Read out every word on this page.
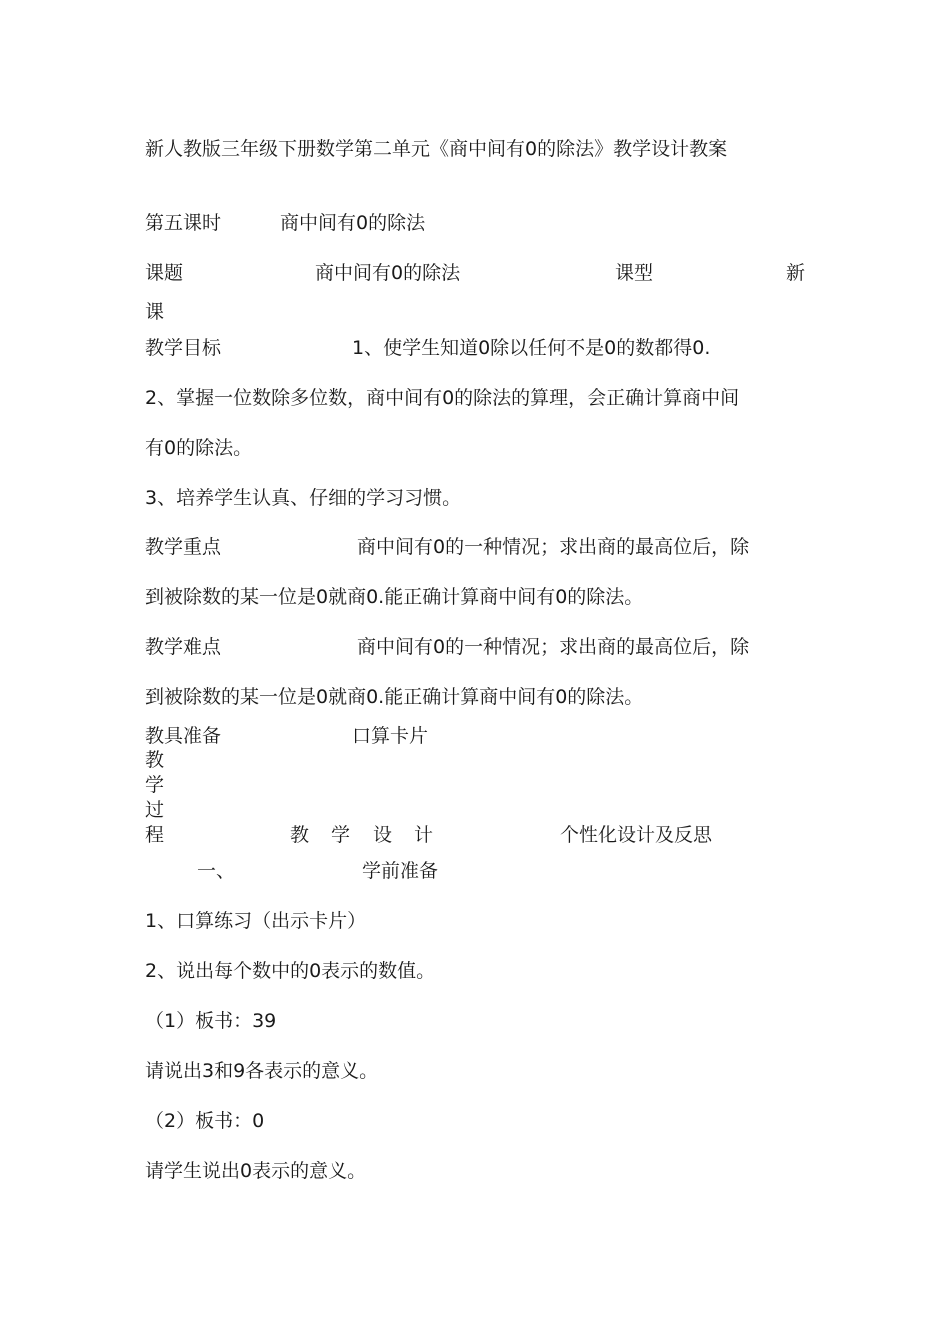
新人教版三年级下册数学第二单元《商中间有0的除法》教学设计教案
第五课时	商中间有0的除法
课题	商中间有0的除法	课型	新
课
教学目标	1、使学生知道0除以任何不是0的数都得0.
2、掌握一位数除多位数，商中间有0的除法的算理，会正确计算商中间
有0的除法。
3、培养学生认真、仔细的学习习惯。
教学重点	商中间有0的一种情况；求出商的最高位后，除
到被除数的某一位是0就商0.能正确计算商中间有0的除法。
教学难点	商中间有0的一种情况；求出商的最高位后，除
到被除数的某一位是0就商0.能正确计算商中间有0的除法。
教具准备	口算卡片
教
学
过
程	教 学 设 计	个性化设计及反思
一、	学前准备
1、口算练习（出示卡片）
2、说出每个数中的0表示的数值。
（1）板书：39
请说出3和9各表示的意义。
（2）板书：0
请学生说出0表示的意义。
